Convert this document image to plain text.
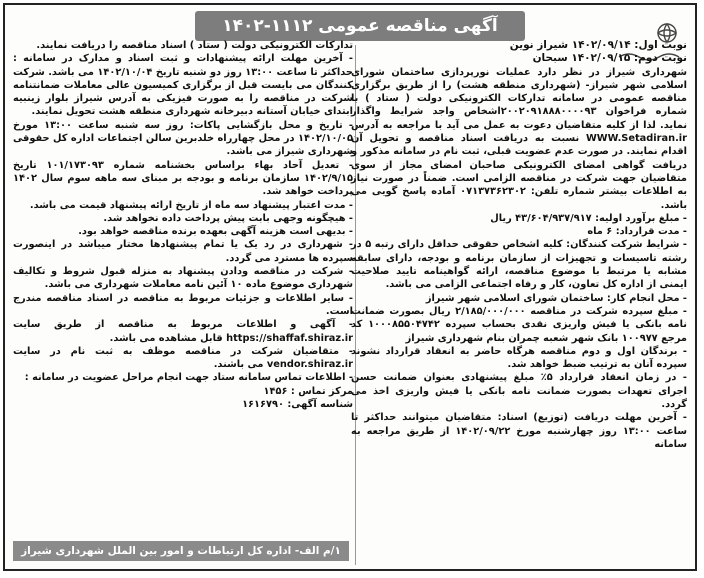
آگهی مناقصه عمومی ۱۱۱۲-۱۴۰۲

نوبت اول: ۱۴۰۲/۰۹/۱۴ شیراز نوین

نوبت دوم: ۱۴۰۲/۰۹/۱۵ سبحان

شهرداری شیراز در نظر دارد عملیات نورپردازی ساختمان شورای اسلامی شهر شیراز- (شهرداری منطقه هشت) را از طریق برگزاری مناقصه عمومی در سامانه تدارکات الکترونیکی دولت ( ستاد ) با شماره فراخوان ۲۰۰۲۰۹۱۸۸۸۰۰۰۰۹۳اشخاص واجد شرایط واگذار نماید. لذا از کلیه متقاضیان دعوت به عمل می آید با مراجعه به آدرس WWW.Setadiran.ir نسبت به دریافت اسناد مناقصه و تحویل آن اقدام نمایند. در صورت عدم عضویت قبلی، ثبت نام در سامانه مذکور و دریافت گواهی امضای الکترونیکی صاحبان امضای مجاز از سوی متقاضیان جهت شرکت در مناقصه الزامی است. ضمناً در صورت نیاز به اطلاعات بیشتر شماره تلفن: ۰۷۱۳۷۳۶۲۳۰۲ آماده پاسخ گویی می باشد.

- مبلغ برآورد اولیه: ۴۳/۶۰۴/۹۳۷/۹۱۷ ریال

- مدت قرارداد: ۶ ماه

- شرایط شرکت کنندگان: کلیه اشخاص حقوقی حداقل دارای رتبه ۵ در رشته تاسیسات و تجهیزات از سازمان برنامه و بودجه، دارای سابقه مشابه یا مرتبط با موضوع مناقصه، ارائه گواهینامه تایید صلاحیت ایمنی از اداره کل تعاون، کار و رفاه اجتماعی الزامی می باشد.

- محل انجام کار: ساختمان شورای اسلامی شهر شیراز

- مبلغ سپرده شرکت در مناقصه ۲/۱۸۵/۰۰۰/۰۰۰ ریال بصورت ضمانت نامه بانکی یا فیش واریزی نقدی بحساب سپرده ۱۰۰۰۸۵۵۰۴۷۴۲ کد مرجع ۱۰۰۹۷۷ بانک شهر شعبه چمران بنام شهرداری شیراز

- برندگان اول و دوم مناقصه هرگاه حاضر به انعقاد قرارداد نشوند سپرده آنان به ترتیب ضبط خواهد شد.

- در زمان انعقاد قرارداد ۵٪ مبلغ پیشنهادی بعنوان ضمانت حسن اجرای تعهدات بصورت ضمانت نامه بانکی یا فیش واریزی اخذ می گردد.

- آخرین مهلت دریافت (توزیع) اسناد: متقاضیان میتوانند حداکثر تا ساعت ۱۳:۰۰ روز چهارشنبه مورخ ۱۴۰۲/۰۹/۲۲ از طریق مراجعه به سامانه

تدارکات الکترونیکی دولت ( ستاد ) اسناد مناقصه را دریافت نمایند.

- آخرین مهلت ارائه پیشنهادات و ثبت اسناد و مدارک در سامانه : حداکثر تا ساعت ۱۳:۰۰ روز دو شنبه تاریخ ۱۴۰۲/۱۰/۰۴ می باشد. شرکت کنندگان می بایست قبل از برگزاری کمیسیون عالی معاملات ضمانتنامه شرکت در مناقصه را به صورت فیزیکی به آدرس شیراز بلوار زینبیه ابتدای خیابان آستانه دبیرخانه شهرداری منطقه هشت تحویل نمایند.

- تاریخ و محل بازگشایی پاکات: روز سه شنبه ساعت ۱۳:۰۰ مورخ ۱۴۰۲/۱۰/۰۵ در محل چهارراه خلدبرین سالن اجتماعات اداره کل حقوقی شهرداری شیراز می باشد.

- تعدیل آحاد بهاء براساس بخشنامه شماره ۱۰۱/۱۷۳۰۹۳ تاریخ ۱۴۰۲/۹/۱۵ سازمان برنامه و بودجه بر مبنای سه ماهه سوم سال ۱۴۰۲ پرداخت خواهد شد.

- مدت اعتبار پیشنهاد سه ماه از تاریخ ارائه پیشنهاد قیمت می باشد.

- هیچگونه وجهی بابت پیش پرداخت داده نخواهد شد.

- بدیهی است هزینه آگهی بعهده برنده مناقصه خواهد بود.

- شهرداری در رد یک یا تمام پیشنهادها مختار میباشد در اینصورت سپرده ها مسترد می گردد.

- شرکت در مناقصه ودادن پیشنهاد به منزله قبول شروط و تکالیف شهرداری موضوع ماده ۱۰ آئین نامه معاملات شهرداری می باشد.

- سایر اطلاعات و جزئیات مربوط به مناقصه در اسناد مناقصه مندرج است.

- آگهی و اطلاعات مربوط به مناقصه از طریق سایت https://shaffaf.shiraz.ir قابل مشاهده می باشد.

- متقاضیان شرکت در مناقصه موظف به ثبت نام در سایت vendor.shiraz.ir می باشند.

- اطلاعات تماس سامانه ستاد جهت انجام مراحل عضویت در سامانه :

مرکز تماس : ۱۴۵۶

شناسه آگهی: ۱۶۱۶۷۹۰

۱/م الف- اداره کل ارتباطات و امور بین الملل شهرداری شیراز
